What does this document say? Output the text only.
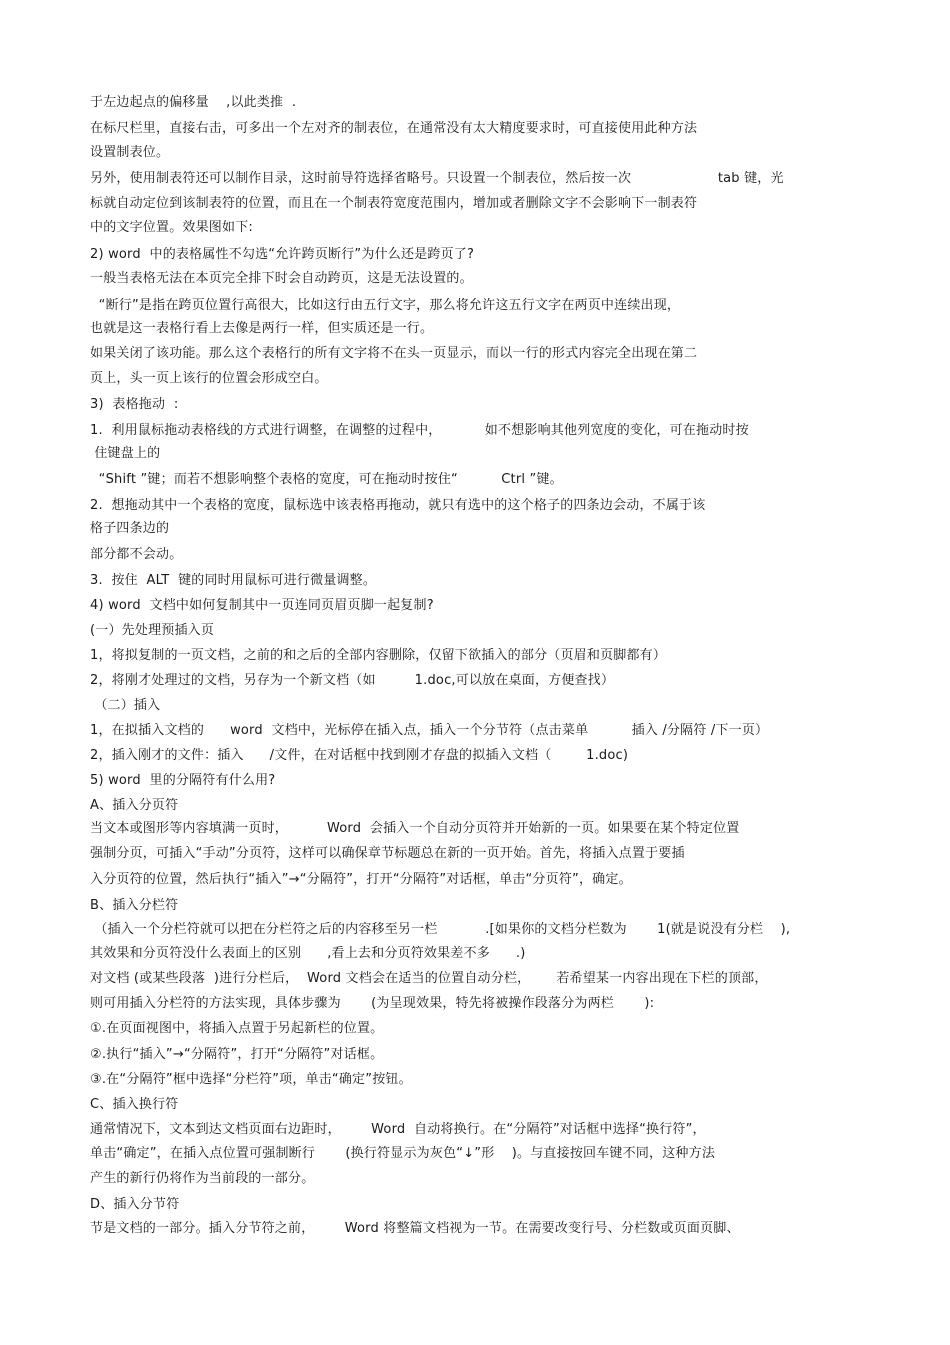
于左边起点的偏移量    ,以此类推  .
在标尺栏里，直接右击，可多出一个左对齐的制表位，在通常没有太大精度要求时，可直接使用此种方法
设置制表位。
另外，使用制表符还可以制作目录，这时前导符选择省略号。只设置一个制表位，然后按一次                    tab 键，光
标就自动定位到该制表符的位置，而且在一个制表符宽度范围内，增加或者删除文字不会影响下一制表符
中的文字位置。效果图如下:
2) word  中的表格属性不勾选“允许跨页断行”为什么还是跨页了?
一般当表格无法在本页完全排下时会自动跨页，这是无法设置的。
“断行”是指在跨页位置行高很大，比如这行由五行文字，那么将允许这五行文字在两页中连续出现，
也就是这一表格行看上去像是两行一样，但实质还是一行。
如果关闭了该功能。那么这个表格行的所有文字将不在头一页显示，而以一行的形式内容完全出现在第二
页上，头一页上该行的位置会形成空白。
3)  表格拖动  :
1.  利用鼠标拖动表格线的方式进行调整，在调整的过程中，          如不想影响其他列宽度的变化，可在拖动时按
住键盘上的
“Shift ”键；而若不想影响整个表格的宽度，可在拖动时按住“          Ctrl ”键。
2.  想拖动其中一个表格的宽度，鼠标选中该表格再拖动，就只有选中的这个格子的四条边会动，不属于该
格子四条边的
部分都不会动。
3.  按住  ALT  键的同时用鼠标可进行微量调整。
4) word  文档中如何复制其中一页连同页眉页脚一起复制?
(一）先处理预插入页
1，将拟复制的一页文档，之前的和之后的全部内容删除，仅留下欲插入的部分（页眉和页脚都有）
2，将刚才处理过的文档，另存为一个新文档（如         1.doc,可以放在桌面，方便查找）
（二）插入
1，在拟插入文档的      word  文档中，光标停在插入点，插入一个分节符（点击菜单          插入 /分隔符 /下一页）
2，插入刚才的文件：插入      /文件，在对话框中找到刚才存盘的拟插入文档（        1.doc)
5) word  里的分隔符有什么用?
A、插入分页符
当文本或图形等内容填满一页时，         Word  会插入一个自动分页符并开始新的一页。如果要在某个特定位置
强制分页，可插入“手动”分页符，这样可以确保章节标题总在新的一页开始。首先，将插入点置于要插
入分页符的位置，然后执行“插入”→“分隔符”，打开“分隔符”对话框，单击“分页符”，确定。
B、插入分栏符
（插入一个分栏符就可以把在分栏符之后的内容移至另一栏           .[如果你的文档分栏数为       1(就是说没有分栏    ),
其效果和分页符没什么表面上的区别      ,看上去和分页符效果差不多      .)
对文档 (或某些段落  )进行分栏后，  Word 文档会在适当的位置自动分栏，      若希望某一内容出现在下栏的顶部，
则可用插入分栏符的方法实现，具体步骤为       (为呈现效果，特先将被操作段落分为两栏       ):
①.在页面视图中，将插入点置于另起新栏的位置。
②.执行“插入”→“分隔符”，打开“分隔符”对话框。
③.在“分隔符”框中选择“分栏符”项，单击“确定”按钮。
C、插入换行符
通常情况下，文本到达文档页面右边距时，       Word  自动将换行。在“分隔符”对话框中选择“换行符”，
单击“确定”，在插入点位置可强制断行       (换行符显示为灰色“↓”形    )。与直接按回车键不同，这种方法
产生的新行仍将作为当前段的一部分。
D、插入分节符
节是文档的一部分。插入分节符之前，       Word 将整篇文档视为一节。在需要改变行号、分栏数或页面页脚、
